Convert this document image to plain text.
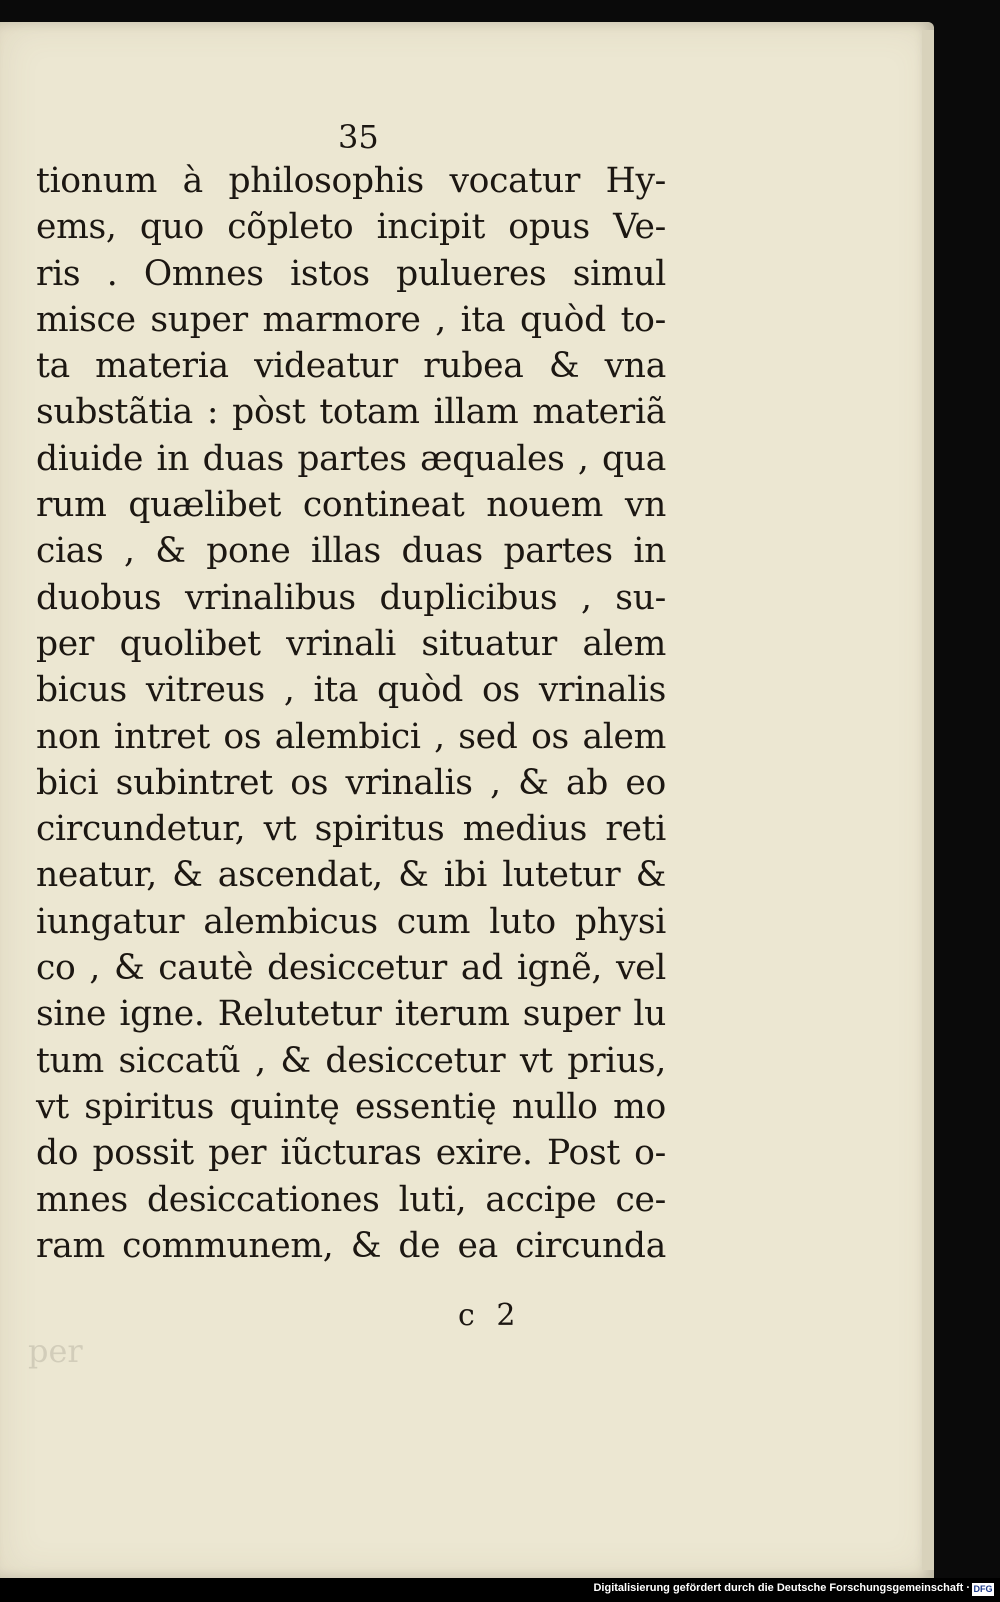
35
tionum à philosophis vocatur Hy-
ems, quo cõpleto incipit opus Ve-
ris . Omnes istos pulueres simul
misce super marmore , ita quòd to-
ta materia videatur rubea & vna
substãtia : pòst totam illam materiã
diuide in duas partes æquales , qua
rum quælibet contineat nouem vn
cias , & pone illas duas partes in
duobus vrinalibus duplicibus , su-
per quolibet vrinali situatur alem
bicus vitreus , ita quòd os vrinalis
non intret os alembici , sed os alem
bici subintret os vrinalis , & ab eo
circundetur, vt spiritus medius reti
neatur, & ascendat, & ibi lutetur &
iungatur alembicus cum luto physi
co , & cautè desiccetur ad ignẽ, vel
sine igne. Relutetur iterum super lu
tum siccatũ , & desiccetur vt prius,
vt spiritus quintę essentię nullo mo
do possit per iũcturas exire. Post o-
mnes desiccationes luti, accipe ce-
ram communem, & de ea circunda
c 2
per
Digitalisierung gefördert durch die Deutsche Forschungsgemeinschaft · DFG
